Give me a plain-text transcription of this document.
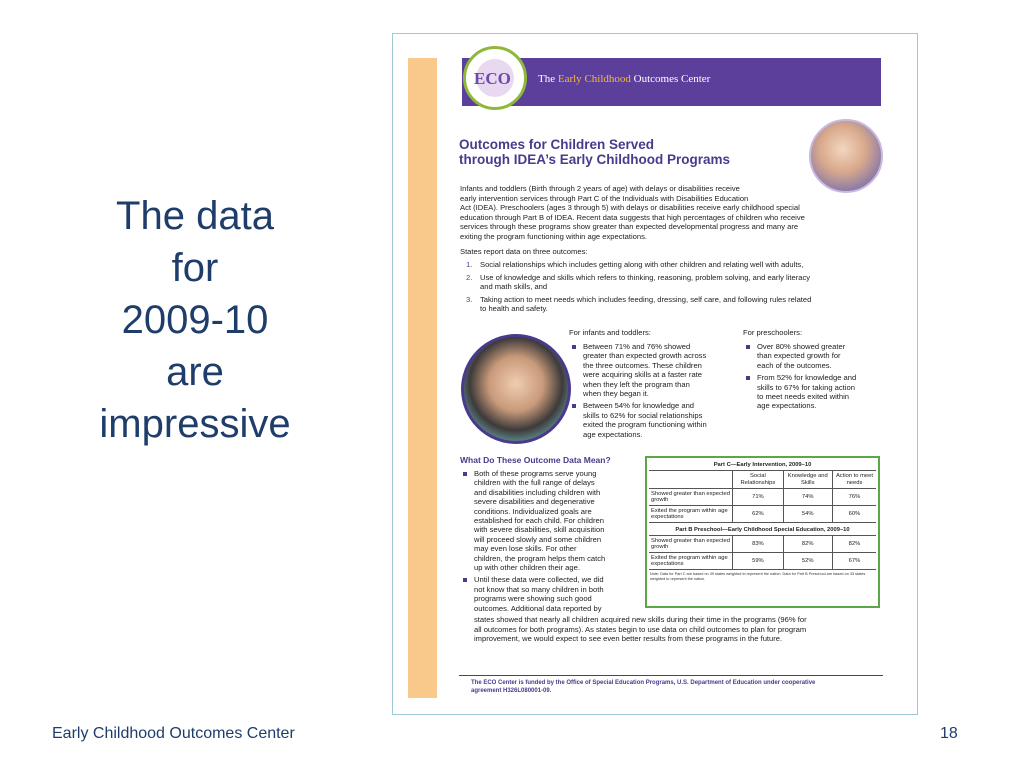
The data
for
2009-10
are
impressive
The Early Childhood Outcomes Center
ECO
Outcomes for Children Served
through IDEA’s Early Childhood Programs
Infants and toddlers (Birth through 2 years of age) with delays or disabilities receive
early intervention services through Part C of the Individuals with Disabilities Education
Act (IDEA). Preschoolers (ages 3 through 5) with delays or disabilities receive early childhood special
education through Part B of IDEA. Recent data suggests that high percentages of children who receive
services through these programs show greater than expected developmental progress and many are
exiting the program functioning within age expectations.
States report data on three outcomes:
1. Social relationships which includes getting along with other children and relating well with adults,
2. Use of knowledge and skills which refers to thinking, reasoning, problem solving, and early literacy
and math skills, and
3. Taking action to meet needs which includes feeding, dressing, self care, and following rules related
to health and safety.
For infants and toddlers:
Between 71% and 76% showed
greater than expected growth across
the three outcomes. These children
were acquiring skills at a faster rate
when they left the program than
when they began it.
Between 54% for knowledge and
skills to 62% for social relationships
exited the program functioning within
age expectations.
For preschoolers:
Over 80% showed greater
than expected growth for
each of the outcomes.
From 52% for knowledge and
skills to 67% for taking action
to meet needs exited within
age expectations.
What Do These Outcome Data Mean?
Both of these programs serve young
children with the full range of delays
and disabilities including children with
severe disabilities and degenerative
conditions. Individualized goals are
established for each child. For children
with severe disabilities, skill acquisition
will proceed slowly and some children
may even lose skills. For other
children, the program helps them catch
up with other children their age.
Until these data were collected, we did
not know that so many children in both
programs were showing such good
outcomes. Additional data reported by
Part C—Early Intervention, 2009–10			
	Social Relationships	Knowledge and Skills	Action to meet needs
Showed greater than expected growth	71%	74%	76%
Exited the program within age expectations	62%	54%	60%
Part B Preschool—Early Childhood Special Education, 2009–10			
Showed greater than expected growth	83%	82%	82%
Exited the program within age expectations	59%	52%	67%
Note: Data for Part C are based on 39 states weighted to represent the nation. Data for Part B Preschool are based on 33 states weighted to represent the nation.
states showed that nearly all children acquired new skills during their time in the programs (96% for
all outcomes for both programs). As states begin to use data on child outcomes to plan for program
improvement, we would expect to see even better results from these programs in the future.
The ECO Center is funded by the Office of Special Education Programs, U.S. Department of Education under cooperative
agreement H326L080001-09.
Early Childhood Outcomes Center	18
